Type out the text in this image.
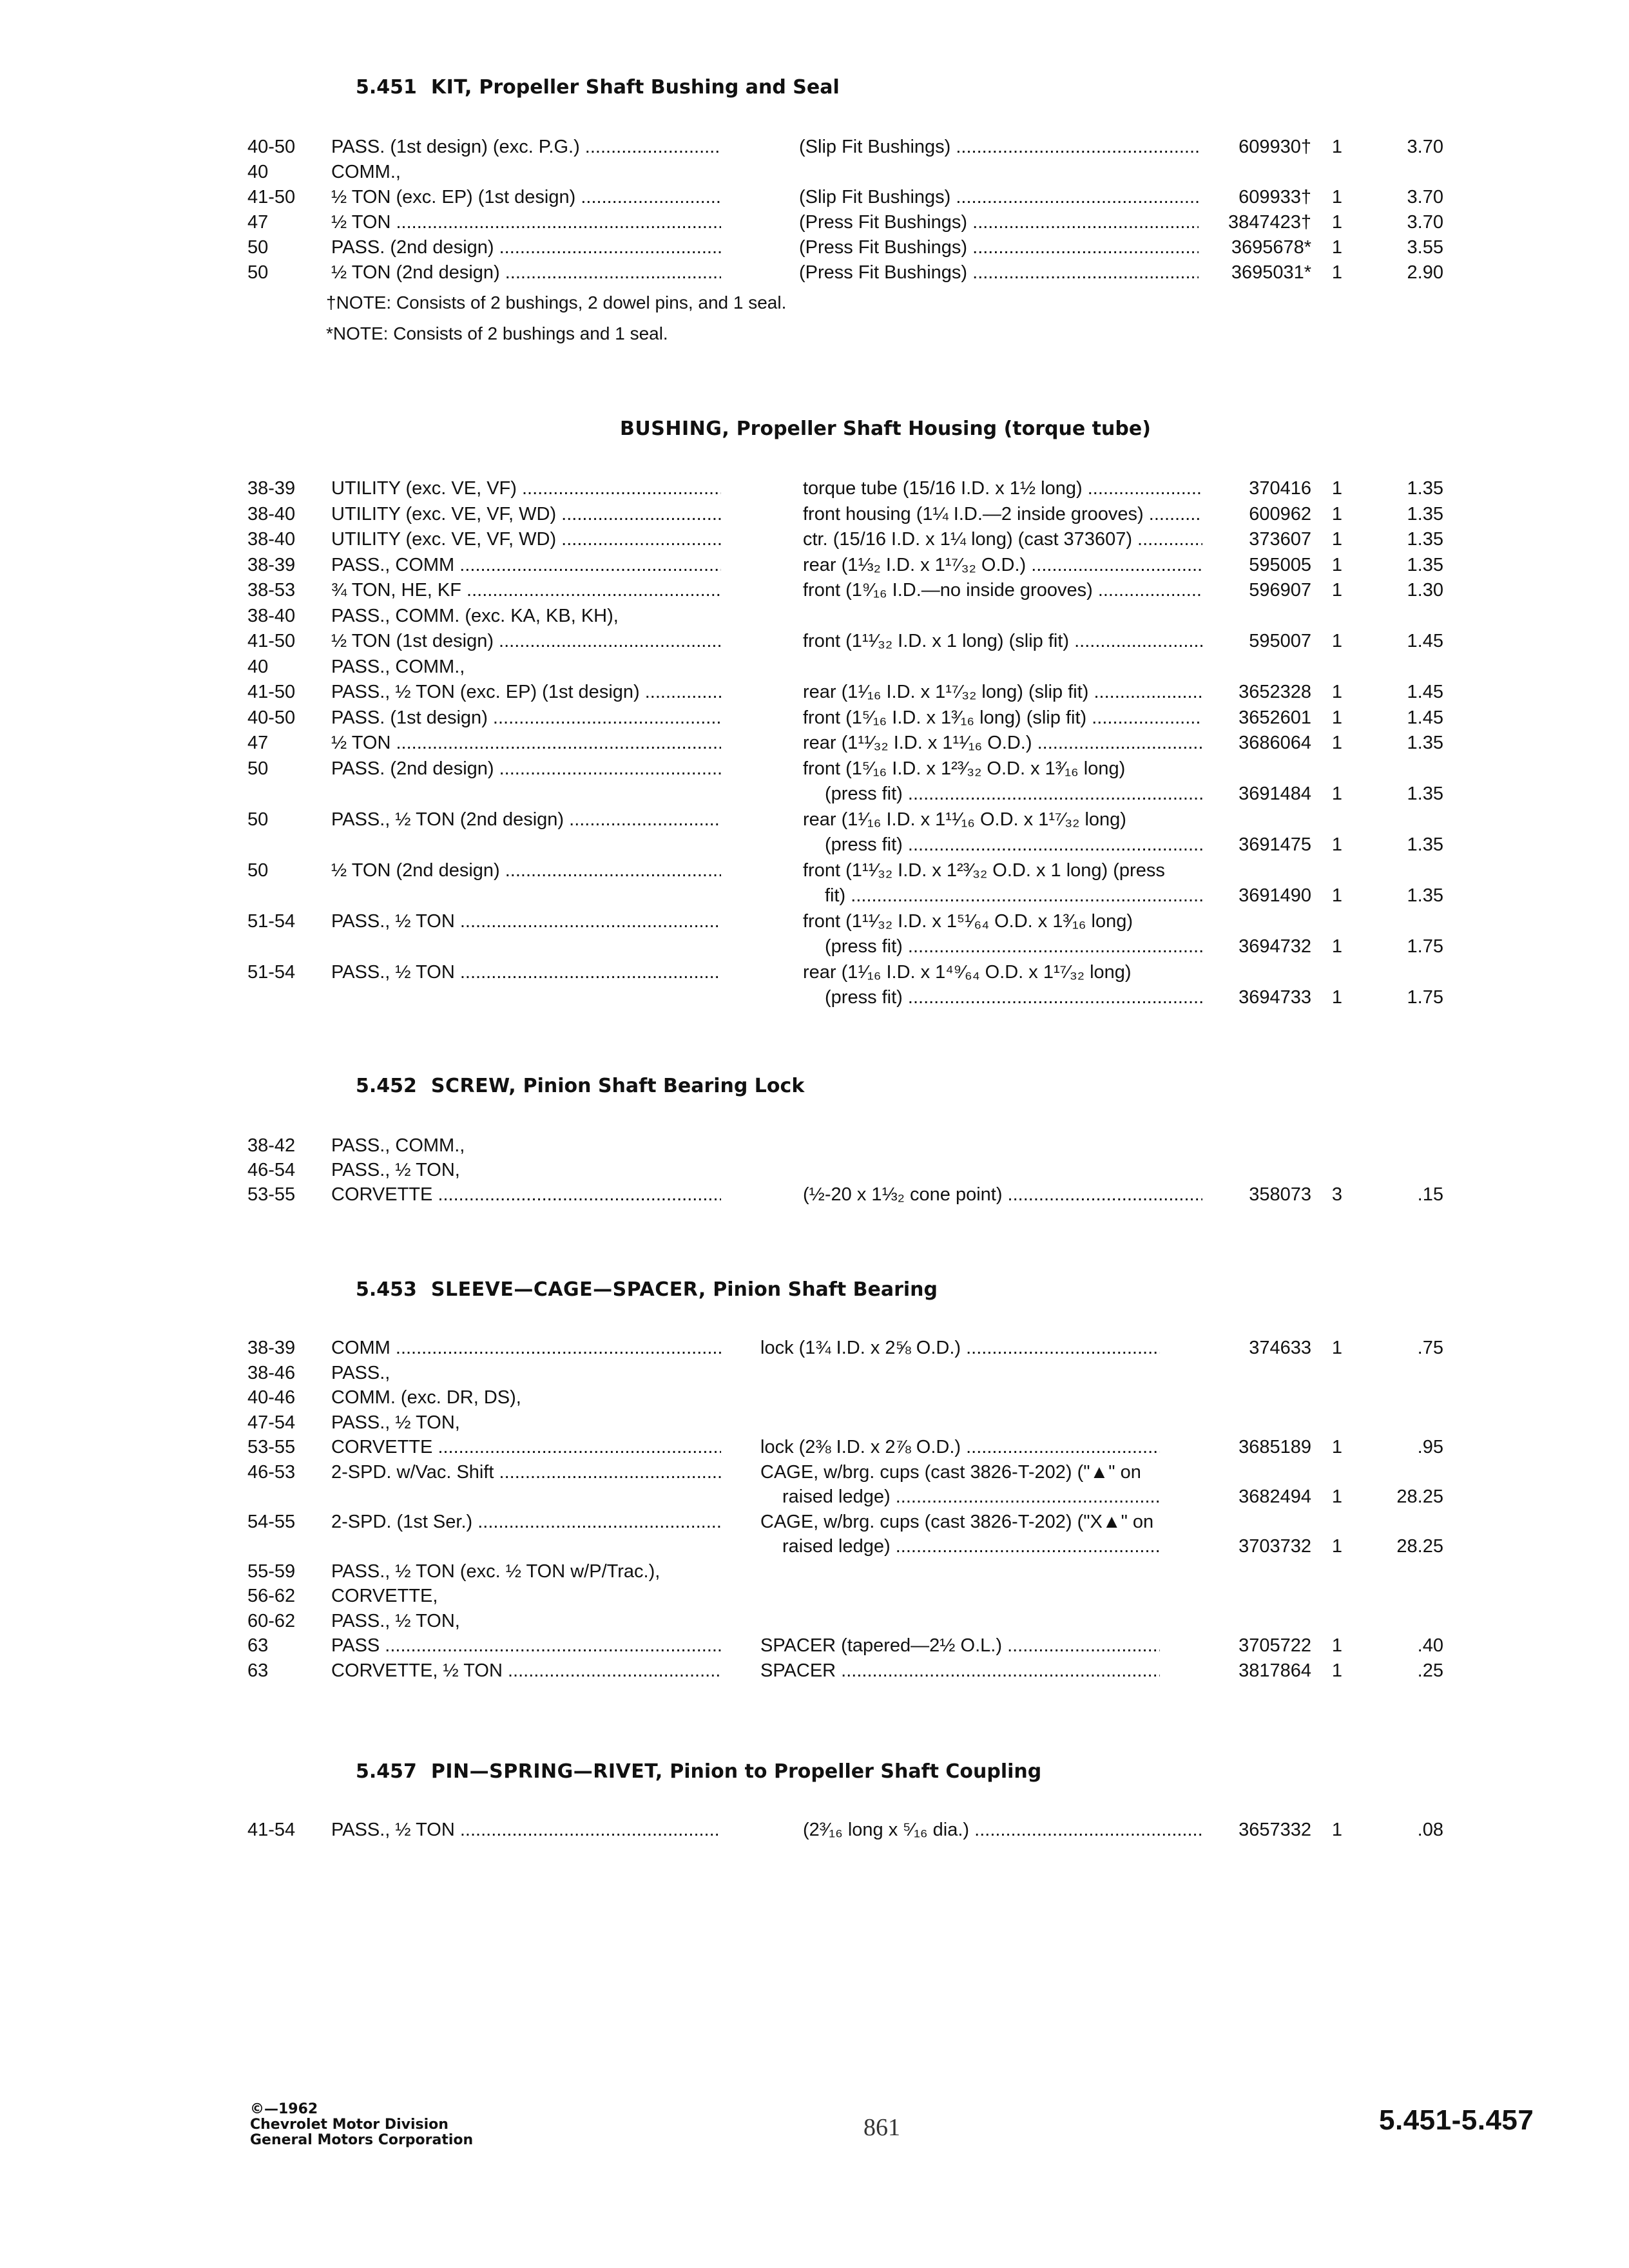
5.451 KIT, Propeller Shaft Bushing and Seal
40-50	PASS. (1st design) (exc. P.G.) .....	(Slip Fit Bushings) .....	609930† 1	3.70
40	COMM.,
41-50	½ TON (exc. EP) (1st design) .....	(Slip Fit Bushings) .....	609933† 1	3.70
47	½ TON .....	(Press Fit Bushings) .....	3847423† 1	3.70
50	PASS. (2nd design) .....	(Press Fit Bushings) .....	3695678* 1	3.55
50	½ TON (2nd design) .....	(Press Fit Bushings) .....	3695031* 1	2.90
†NOTE: Consists of 2 bushings, 2 dowel pins, and 1 seal.
*NOTE: Consists of 2 bushings and 1 seal.
BUSHING, Propeller Shaft Housing (torque tube)
38-39	UTILITY (exc. VE, VF) .....	torque tube (15/16 I.D. x 1½ long) .....	370416 1	1.35
38-40	UTILITY (exc. VE, VF, WD) .....	front housing (1¼ I.D.—2 inside grooves) .....	600962 1	1.35
38-40	UTILITY (exc. VE, VF, WD) .....	ctr. (15/16 I.D. x 1¼ long) (cast 373607) .....	373607 1	1.35
38-39	PASS., COMM .....	rear (1⅓₂ I.D. x 1¹⁷⁄₃₂ O.D.) .....	595005 1	1.35
38-53	¾ TON, HE, KF .....	front (1⁹⁄₁₆ I.D.—no inside grooves) .....	596907 1	1.30
38-40	PASS., COMM. (exc. KA, KB, KH),
41-50	½ TON (1st design) .....	front (1¹¹⁄₃₂ I.D. x 1 long) (slip fit) .....	595007 1	1.45
40	PASS., COMM.,
41-50	PASS., ½ TON (exc. EP) (1st design) .....	rear (1¹⁄₁₆ I.D. x 1¹⁷⁄₃₂ long) (slip fit) .....	3652328 1	1.45
40-50	PASS. (1st design) .....	front (1⁵⁄₁₆ I.D. x 1³⁄₁₆ long) (slip fit) .....	3652601 1	1.45
47	½ TON .....	rear (1¹¹⁄₃₂ I.D. x 1¹¹⁄₁₆ O.D.) .....	3686064 1	1.35
50	PASS. (2nd design) .....	front (1⁵⁄₁₆ I.D. x 1²³⁄₃₂ O.D. x 1³⁄₁₆ long)
(press fit) .....	3691484 1	1.35
50	PASS., ½ TON (2nd design) .....	rear (1¹⁄₁₆ I.D. x 1¹¹⁄₁₆ O.D. x 1¹⁷⁄₃₂ long)
(press fit) .....	3691475 1	1.35
50	½ TON (2nd design) .....	front (1¹¹⁄₃₂ I.D. x 1²³⁄₃₂ O.D. x 1 long) (press
fit) .....	3691490 1	1.35
51-54	PASS., ½ TON .....	front (1¹¹⁄₃₂ I.D. x 1⁵¹⁄₆₄ O.D. x 1³⁄₁₆ long)
(press fit) .....	3694732 1	1.75
51-54	PASS., ½ TON .....	rear (1¹⁄₁₆ I.D. x 1⁴⁹⁄₆₄ O.D. x 1¹⁷⁄₃₂ long)
(press fit) .....	3694733 1	1.75
5.452 SCREW, Pinion Shaft Bearing Lock
38-42	PASS., COMM.,
46-54	PASS., ½ TON,
53-55	CORVETTE .....	(½-20 x 1⅓₂ cone point) .....	358073 3	.15
5.453 SLEEVE—CAGE—SPACER, Pinion Shaft Bearing
38-39	COMM .....	lock (1¾ I.D. x 2⅝ O.D.) .....	374633 1	.75
38-46	PASS.,
40-46	COMM. (exc. DR, DS),
47-54	PASS., ½ TON,
53-55	CORVETTE .....	lock (2⅜ I.D. x 2⅞ O.D.) .....	3685189 1	.95
46-53	2-SPD. w/Vac. Shift .....	CAGE, w/brg. cups (cast 3826-T-202) ("▲" on
raised ledge) .....	3682494 1	28.25
54-55	2-SPD. (1st Ser.) .....	CAGE, w/brg. cups (cast 3826-T-202) ("X▲" on
raised ledge) .....	3703732 1	28.25
55-59	PASS., ½ TON (exc. ½ TON w/P/Trac.),
56-62	CORVETTE,
60-62	PASS., ½ TON,
63	PASS .....	SPACER (tapered—2½ O.L.) .....	3705722 1	.40
63	CORVETTE, ½ TON .....	SPACER .....	3817864 1	.25
5.457 PIN—SPRING—RIVET, Pinion to Propeller Shaft Coupling
41-54	PASS., ½ TON .....	(2³⁄₁₆ long x ⁵⁄₁₆ dia.) .....	3657332 1	.08
©—1962
Chevrolet Motor Division
General Motors Corporation	861	5.451-5.457
